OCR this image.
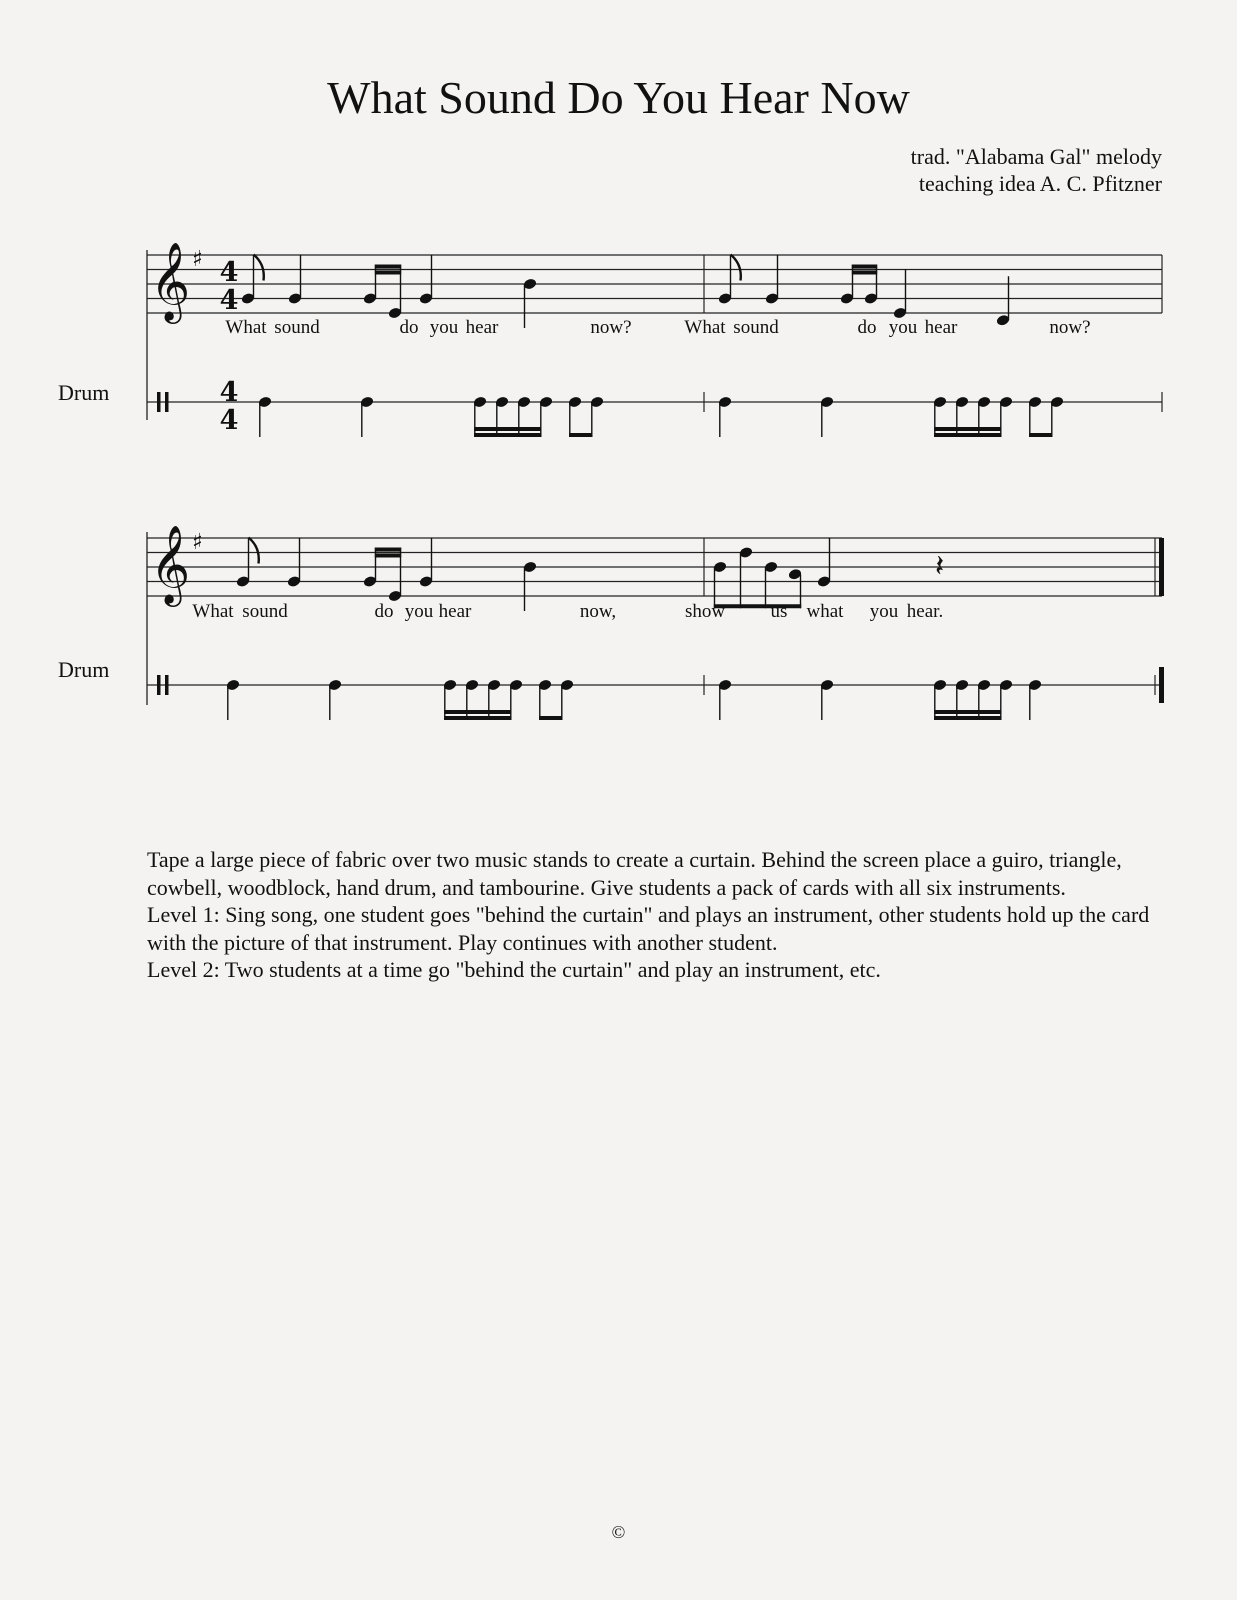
What Sound Do You Hear Now
trad. "Alabama Gal" melody
teaching idea A. C. Pfitzner
Drum
Drum
𝄞 ♯ 4
4
4
4
𝄞 ♯
𝄽
What sound	do you hear	now?	What sound	do you hear	now?
What sound	do you hear	now,	show us what you hear.

Tape a large piece of fabric over two music stands to create a curtain. Behind the screen place a guiro, triangle, cowbell, woodblock, hand drum, and tambourine. Give students a pack of cards with all six instruments.

Level 1: Sing song, one student goes "behind the curtain" and plays an instrument, other students hold up the card with the picture of that instrument. Play continues with another student.

Level 2: Two students at a time go "behind the curtain" and play an instrument, etc.

©
